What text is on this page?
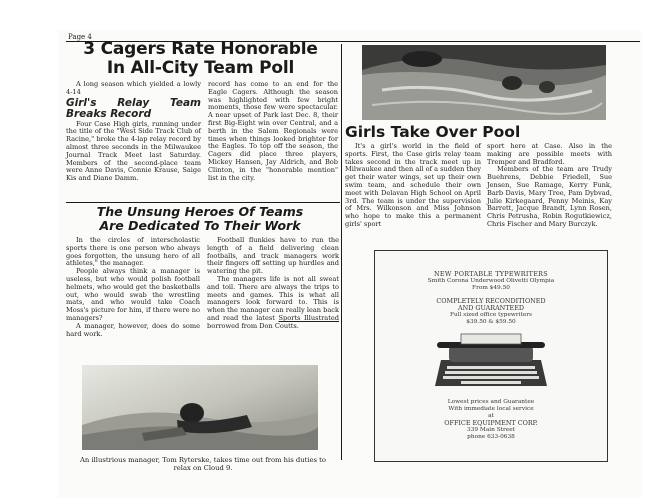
Page 4
3 Cagers Rate Honorable
In All-City Team Poll

A long season which yielded a lowly 4-14

Girl's Relay Team Breaks Record

Four Case High girls, running under the title of the "West Side Track Club of Racine," broke the 4-lap relay record by almost three seconds in the Milwaukee Journal Track Meet last Saturday. Members of the second-place team were Anne Davis, Connie Krause, Saige Kis and Diane Damm.

record has come to an end for the Eagle Cagers. Although the season was highlighted with few bright moments, those few were spectacular. A near upset of Park last Dec. 8, their first Big-Eight win over Central, and a berth in the Salem Regionals were times when things looked brighter for the Eagles. To top off the season, the Cagers did place three players, Mickey Hansen, Jay Aldrich, and Bob Clinton, in the "honorable mention" list in the city.

The Unsung Heroes Of Teams
Are Dedicated To Their Work

In the circles of interscholastic sports there is one person who always goes forgotten, the unsung hero of all athletes," the manager.

People always think a manager is useless, but who would polish football helmets, who would get the basketballs out, who would swab the wrestling mats, and who would take Coach Moss's picture for him, if there were no managers?

A manager, however, does do some hard work.

Football flunkies have to run the length of a field delivering clean footballs, and track managers work their fingers off setting up hurdles and watering the pit.

The managers life is not all sweat and toil. There are always the trips to meets and games. This is what all managers look forward to. This is when the manager can really lean back and read the latest Sports Illustrated borrowed from Don Coutts.

An illustrious manager, Tom Ryterske, takes time out from his duties to relax on Cloud 9.
Girls Take Over Pool

It's a girl's world in the field of sports. First, the Case girls relay team takes second in the track meet up in Milwaukee and then all of a sudden they get their water wings, set up their own swim team, and schedule their own meet with Delavan High School on April 3rd. The team is under the supervision of Mrs. Wilkonson and Miss Johnson who hope to make this a permanent girls' sport

sport here at Case. Also in the making are possible meets with Tremper and Bradford.

Members of the team are Trudy Buehrens, Debbie Friedell, Sue Jensen, Sue Ramage, Kerry Funk, Barb Davis, Mary Tree, Pam Dybvad, Julie Kirkegaard, Penny Meinis, Kay Barrett, Jacque Brandt, Lynn Rosen, Chris Petrusha, Robin Rogutkiewicz, Chris Fischer and Mary Burczyk.

NEW PORTABLE TYPEWRITERS
Smith Corona Underwood Olivetti Olympia
From $49.50
COMPLETELY RECONDITIONED
AND GUARANTEED
Full sized office typewriters
$39.50 & $59.50
Lowest prices and Guarantee
With immediate local service
at
OFFICE EQUIPMENT CORP.
339 Main Street
phone 633-0638
